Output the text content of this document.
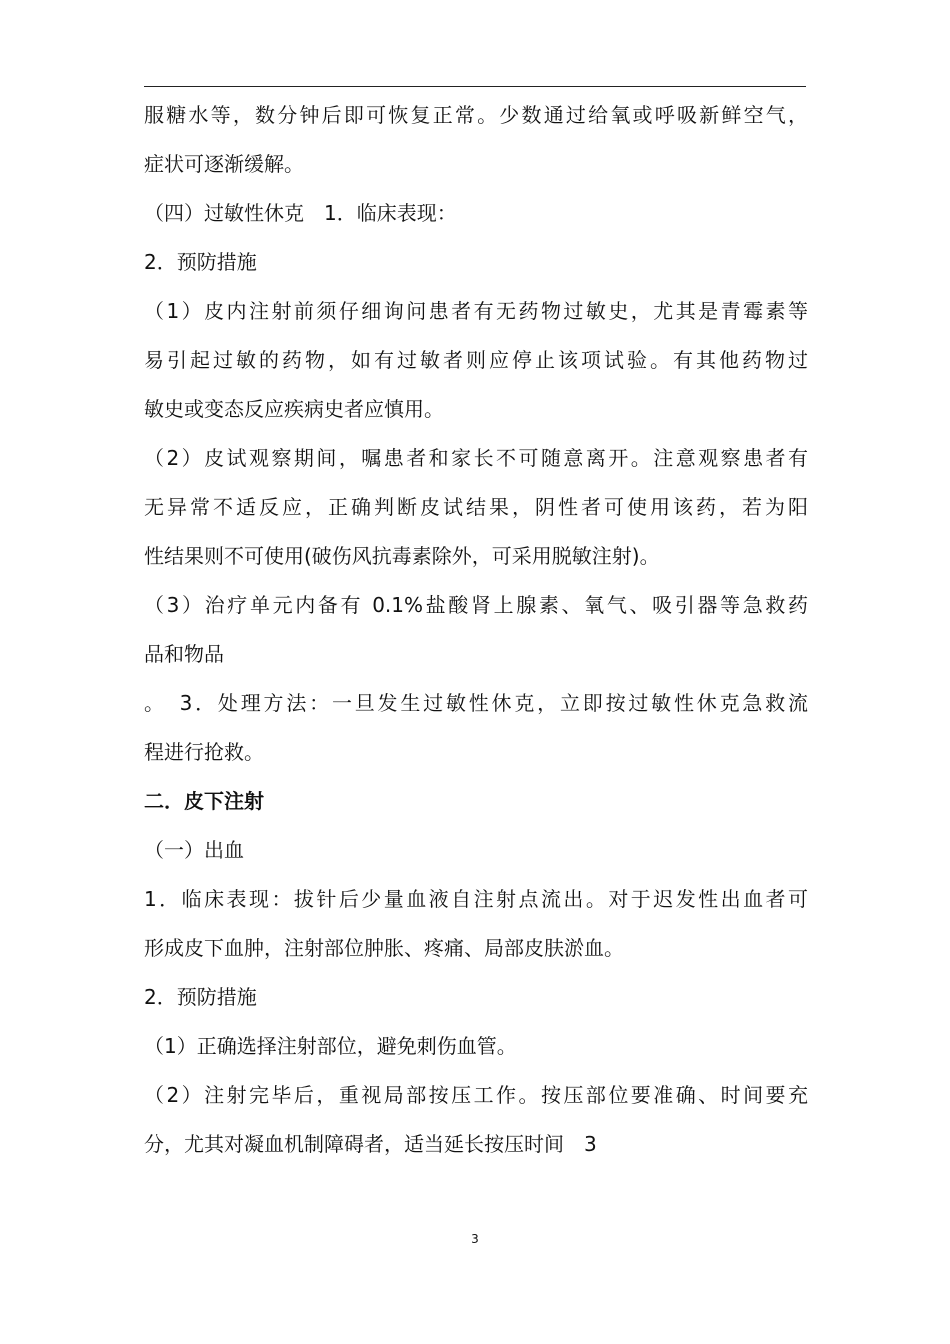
服糖水等，数分钟后即可恢复正常。少数通过给氧或呼吸新鲜空气，
症状可逐渐缓解。
（四）过敏性休克　1．临床表现：
2．预防措施
（1）皮内注射前须仔细询问患者有无药物过敏史，尤其是青霉素等
易引起过敏的药物，如有过敏者则应停止该项试验。有其他药物过
敏史或变态反应疾病史者应慎用。
（2）皮试观察期间，嘱患者和家长不可随意离开。注意观察患者有
无异常不适反应，正确判断皮试结果，阴性者可使用该药，若为阳
性结果则不可使用(破伤风抗毒素除外，可采用脱敏注射)。
（3）治疗单元内备有 0.1%盐酸肾上腺素、氧气、吸引器等急救药
品和物品
。　3．处理方法：一旦发生过敏性休克，立即按过敏性休克急救流
程进行抢救。
二．皮下注射
（一）出血
1．临床表现：拔针后少量血液自注射点流出。对于迟发性出血者可
形成皮下血肿，注射部位肿胀、疼痛、局部皮肤淤血。
2．预防措施
（1）正确选择注射部位，避免刺伤血管。
（2）注射完毕后，重视局部按压工作。按压部位要准确、时间要充
分，尤其对凝血机制障碍者，适当延长按压时间　3
3
